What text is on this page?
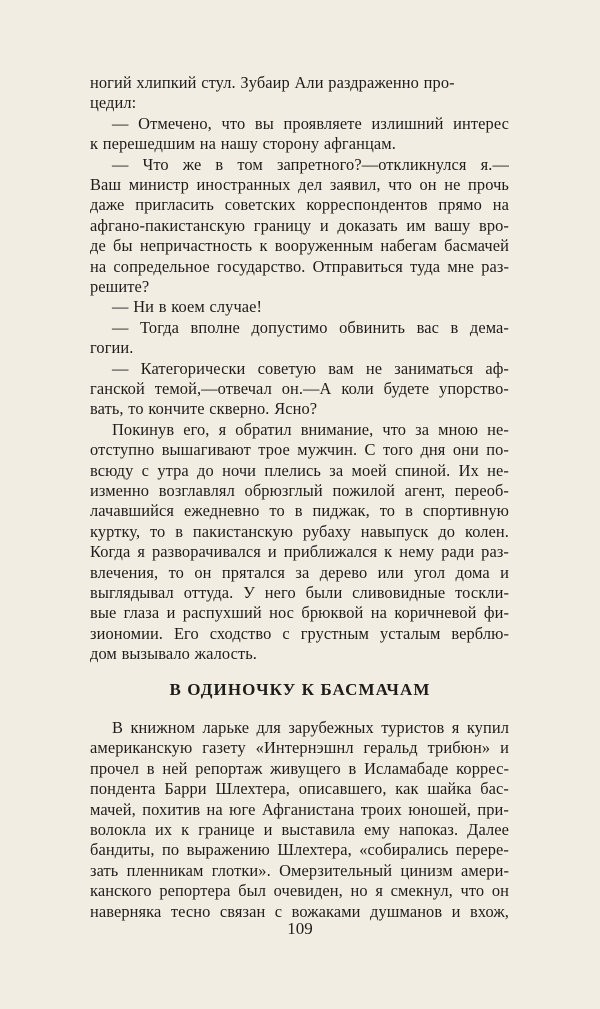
ногий хлипкий стул. Зубаир Али раздраженно про-
цедил:
— Отмечено, что вы проявляете излишний интерес
к перешедшим на нашу сторону афганцам.
— Что же в том запретного?—откликнулся я.—
Ваш министр иностранных дел заявил, что он не прочь
даже пригласить советских корреспондентов прямо на
афгано-пакистанскую границу и доказать им вашу вро-
де бы непричастность к вооруженным набегам басмачей
на сопредельное государство. Отправиться туда мне раз-
решите?
— Ни в коем случае!
— Тогда вполне допустимо обвинить вас в дема-
гогии.
— Категорически советую вам не заниматься аф-
ганской темой,—отвечал он.—А коли будете упорство-
вать, то кончите скверно. Ясно?
Покинув его, я обратил внимание, что за мною не-
отступно вышагивают трое мужчин. С того дня они по-
всюду с утра до ночи плелись за моей спиной. Их не-
изменно возглавлял обрюзглый пожилой агент, переоб-
лачавшийся ежедневно то в пиджак, то в спортивную
куртку, то в пакистанскую рубаху навыпуск до колен.
Когда я разворачивался и приближался к нему ради раз-
влечения, то он прятался за дерево или угол дома и
выглядывал оттуда. У него были сливовидные тоскли-
вые глаза и распухший нос брюквой на коричневой фи-
зиономии. Его сходство с грустным усталым верблю-
дом вызывало жалость.
В ОДИНОЧКУ К БАСМАЧАМ
В книжном ларьке для зарубежных туристов я купил
американскую газету «Интернэшнл геральд трибюн» и
прочел в ней репортаж живущего в Исламабаде коррес-
пондента Барри Шлехтера, описавшего, как шайка бас-
мачей, похитив на юге Афганистана троих юношей, при-
волокла их к границе и выставила ему напоказ. Далее
бандиты, по выражению Шлехтера, «собирались перере-
зать пленникам глотки». Омерзительный цинизм амери-
канского репортера был очевиден, но я смекнул, что он
наверняка тесно связан с вожаками душманов и вхож,
109
